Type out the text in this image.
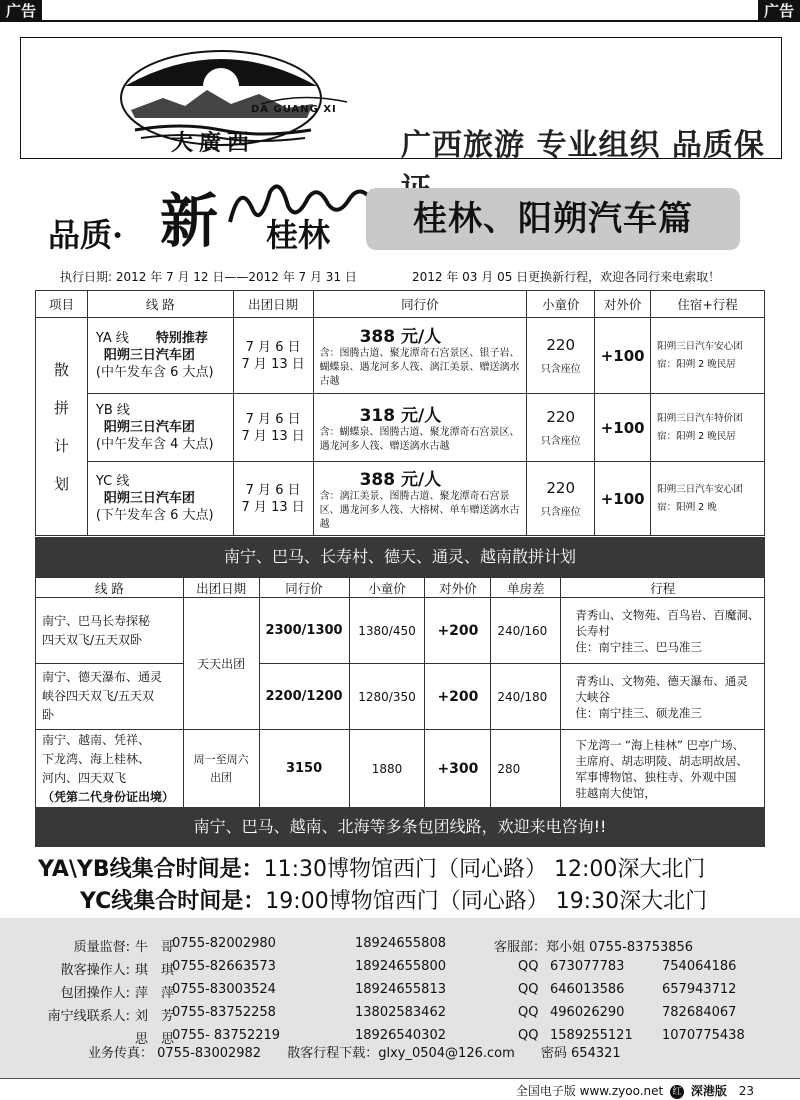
广告	广告
DA GUANG XI
大廣西	广西旅游 专业组织 品质保
品质· 新 桂林	桂林、阳朔汽车篇
执行日期: 2012 年 7 月 12 日——2012 年 7 月 31 日	2012 年 03 月 05 日更换新行程，欢迎各同行来电索取！
项目	线 路	出团日期	同行价	小童价	对外价	住宿+行程
散
拼
计
划	YA 线 特别推荐
阳朔三日汽车团
(中午发车含 6 大点)	7 月 6 日
7 月 13 日	388 元/人
含：图腾古道、聚龙潭奇石宫景区、银子岩、蝴蝶泉、遇龙河多人筏、漓江美景、赠送漓水古越	220
只含座位	+100	阳朔三日汽车安心团
宿：阳朔 2 晚民居
	YB 线
阳朔三日汽车团
(中午发车含 4 大点)	7 月 6 日
7 月 13 日	318 元/人
含：蝴蝶泉、图腾古道、聚龙潭奇石宫景区、遇龙河多人筏、赠送漓水古越	220
只含座位	+100	阳朔三日汽车特价团
宿：阳朔 2 晚民居
	YC 线
阳朔三日汽车团
(下午发车含 6 大点)	7 月 6 日
7 月 13 日	388 元/人
含：漓江美景、图腾古道、聚龙潭奇石宫景区、遇龙河多人筏、大榕树、单车赠送漓水古越	220
只含座位	+100	阳朔三日汽车安心团
宿：阳朔 2 晚
南宁、巴马、长寿村、德天、通灵、越南散拼计划
线 路	出团日期	同行价	小童价	对外价	单房差	行程
南宁、巴马长寿探秘
四天双飞/五天双卧	天天出团	2300/1300	1380/450	+200	240/160	青秀山、文物苑、百鸟岩、百魔洞、
长寿村
住：南宁挂三、巴马准三
南宁、德天瀑布、通灵
峡谷四天双飞/五天双
卧		2200/1200	1280/350	+200	240/180	青秀山、文物苑、德天瀑布、通灵
大峡谷
住：南宁挂三、硕龙准三
南宁、越南、凭祥、
下龙湾、海上桂林、
河内、四天双飞
（凭第二代身份证出境）	周一至周六
出团	3150	1880	+300	280	下龙湾一 “海上桂林” 巴亭广场、
主席府、胡志明陵、胡志明故居、
军事博物馆、独柱寺、外观中国
驻越南大使馆，
南宁、巴马、越南、北海等多条包团线路，欢迎来电咨询!!
YA\YB线集合时间是：11:30博物馆西门（同心路） 12:00深大北门
YC线集合时间是：19:00博物馆西门（同心路） 19:30深大北门
质量监督: 牛　哥
0755-82002980	18924655808	客服部：郑小姐 0755-83753856
散客操作人: 琪　琪
0755-82663573	18924655800	QQ 673077783	754064186
包团操作人: 萍　萍
0755-83003524	18924655813	QQ 646013586	657943712
南宁线联系人: 刘　芳
0755-83752258	13802583462	QQ 496026290	782684067
思　思
0755- 83752219	18926540302	QQ 1589255121 1070775438
业务传真： 0755-83002982 散客行程下载：glxy_0504@126.com 密码 654321
全国电子版 www.zyoo.net 红 深港版 23
